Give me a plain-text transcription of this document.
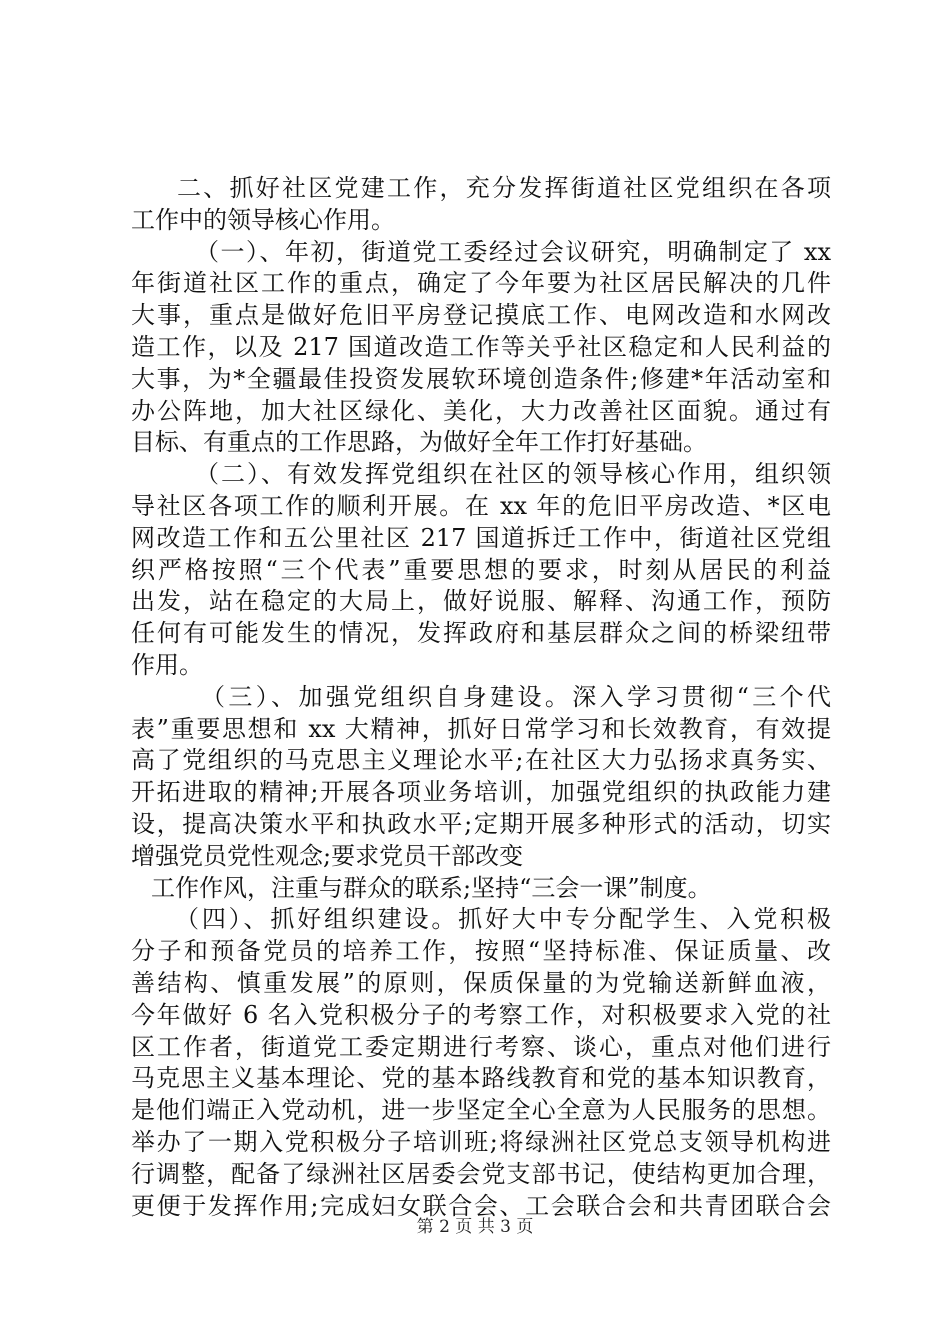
二、抓好社区党建工作，充分发挥街道社区党组织在各项
工作中的领导核心作用。
（一）、年初，街道党工委经过会议研究，明确制定了 xx
年街道社区工作的重点，确定了今年要为社区居民解决的几件
大事，重点是做好危旧平房登记摸底工作、电网改造和水网改
造工作，以及 217 国道改造工作等关乎社区稳定和人民利益的
大事，为*全疆最佳投资发展软环境创造条件;修建*年活动室和
办公阵地，加大社区绿化、美化，大力改善社区面貌。通过有
目标、有重点的工作思路，为做好全年工作打好基础。
（二）、有效发挥党组织在社区的领导核心作用，组织领
导社区各项工作的顺利开展。在 xx 年的危旧平房改造、*区电
网改造工作和五公里社区 217 国道拆迁工作中，街道社区党组
织严格按照“三个代表”重要思想的要求，时刻从居民的利益
出发，站在稳定的大局上，做好说服、解释、沟通工作，预防
任何有可能发生的情况，发挥政府和基层群众之间的桥梁纽带
作用。
（三）、加强党组织自身建设。深入学习贯彻“三个代
表”重要思想和 xx 大精神，抓好日常学习和长效教育，有效提
高了党组织的马克思主义理论水平;在社区大力弘扬求真务实、
开拓进取的精神;开展各项业务培训，加强党组织的执政能力建
设，提高决策水平和执政水平;定期开展多种形式的活动，切实
增强党员党性观念;要求党员干部改变
工作作风，注重与群众的联系;坚持“三会一课”制度。
（四）、抓好组织建设。抓好大中专分配学生、入党积极
分子和预备党员的培养工作，按照“坚持标准、保证质量、改
善结构、慎重发展”的原则，保质保量的为党输送新鲜血液，
今年做好 6 名入党积极分子的考察工作，对积极要求入党的社
区工作者，街道党工委定期进行考察、谈心，重点对他们进行
马克思主义基本理论、党的基本路线教育和党的基本知识教育，
是他们端正入党动机，进一步坚定全心全意为人民服务的思想。
举办了一期入党积极分子培训班;将绿洲社区党总支领导机构进
行调整，配备了绿洲社区居委会党支部书记，使结构更加合理，
更便于发挥作用;完成妇女联合会、工会联合会和共青团联合会
第 2 页 共 3 页
